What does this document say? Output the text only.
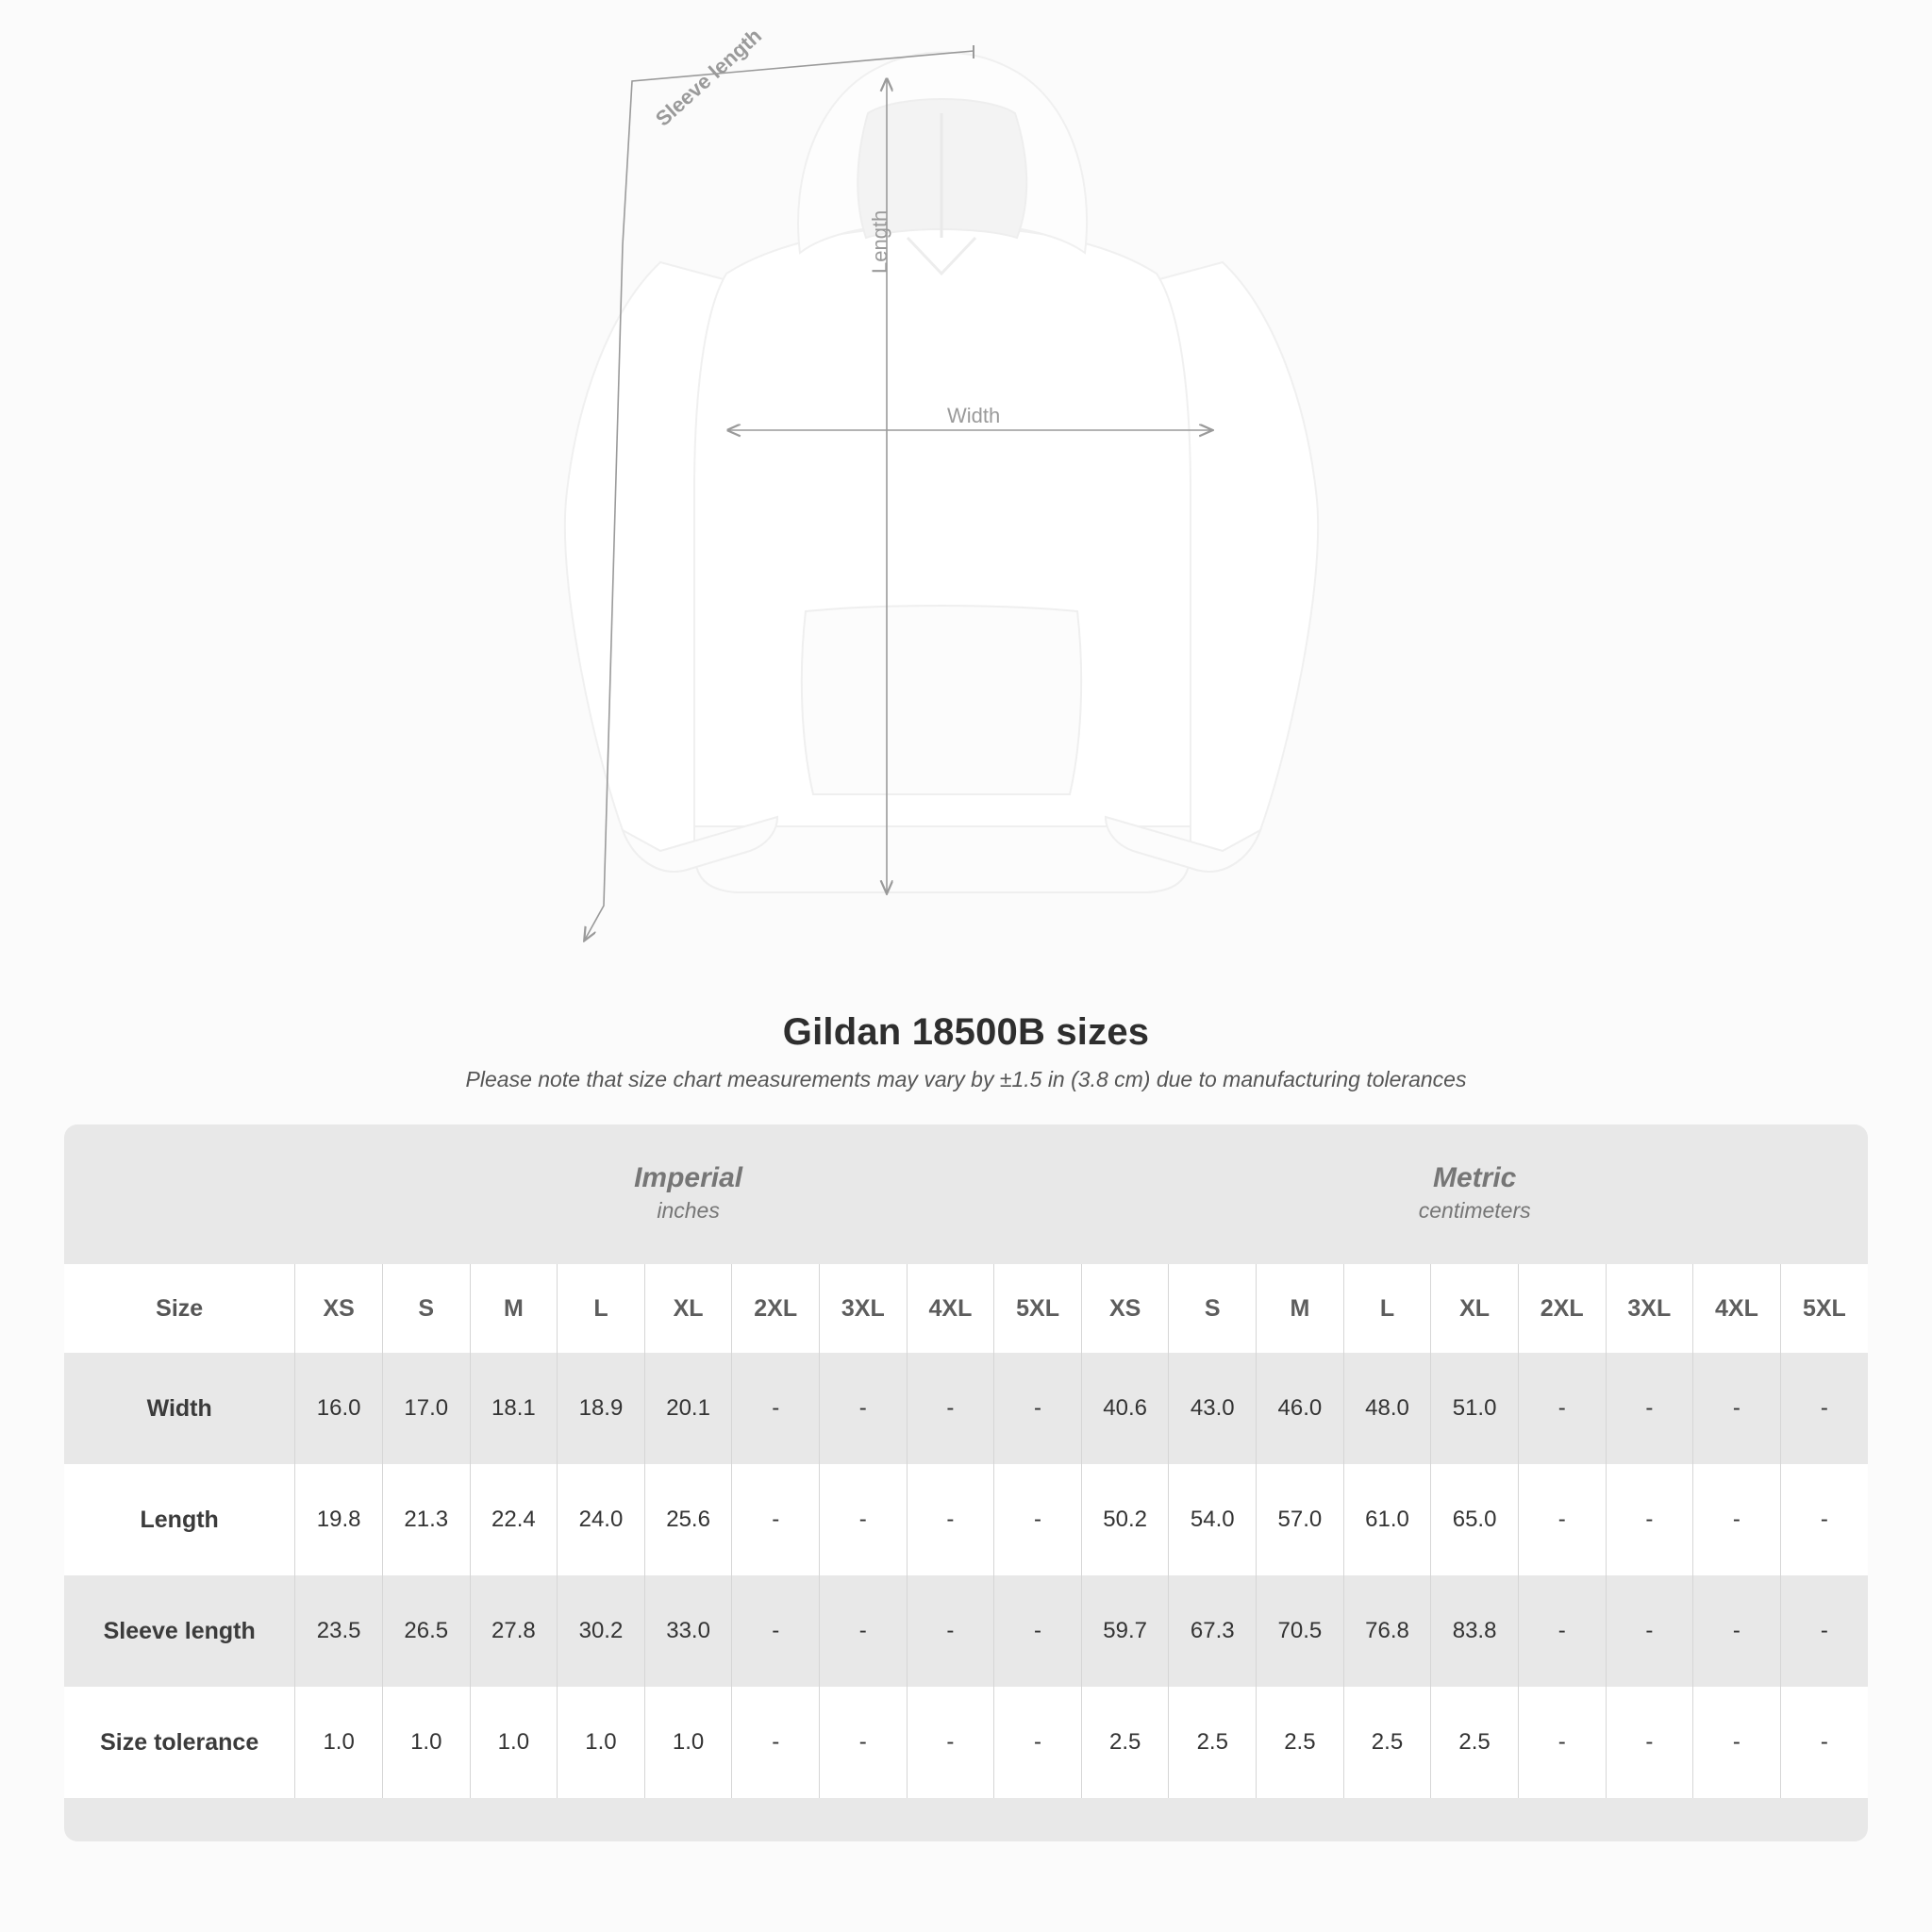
Width
Length
Sleeve length
Gildan 18500B sizes

Please note that size chart measurements may vary by ±1.5 in (3.8 cm) due to manufacturing tolerances

	Imperial
inches									Metric
centimeters								

Size	XS	S	M	L	XL	2XL	3XL	4XL	5XL	XS	S	M	L	XL	2XL	3XL	4XL	5XL
Width	16.0	17.0	18.1	18.9	20.1	-	-	-	-	40.6	43.0	46.0	48.0	51.0	-	-	-	-
Length	19.8	21.3	22.4	24.0	25.6	-	-	-	-	50.2	54.0	57.0	61.0	65.0	-	-	-	-
Sleeve length	23.5	26.5	27.8	30.2	33.0	-	-	-	-	59.7	67.3	70.5	76.8	83.8	-	-	-	-
Size tolerance	1.0	1.0	1.0	1.0	1.0	-	-	-	-	2.5	2.5	2.5	2.5	2.5	-	-	-	-
